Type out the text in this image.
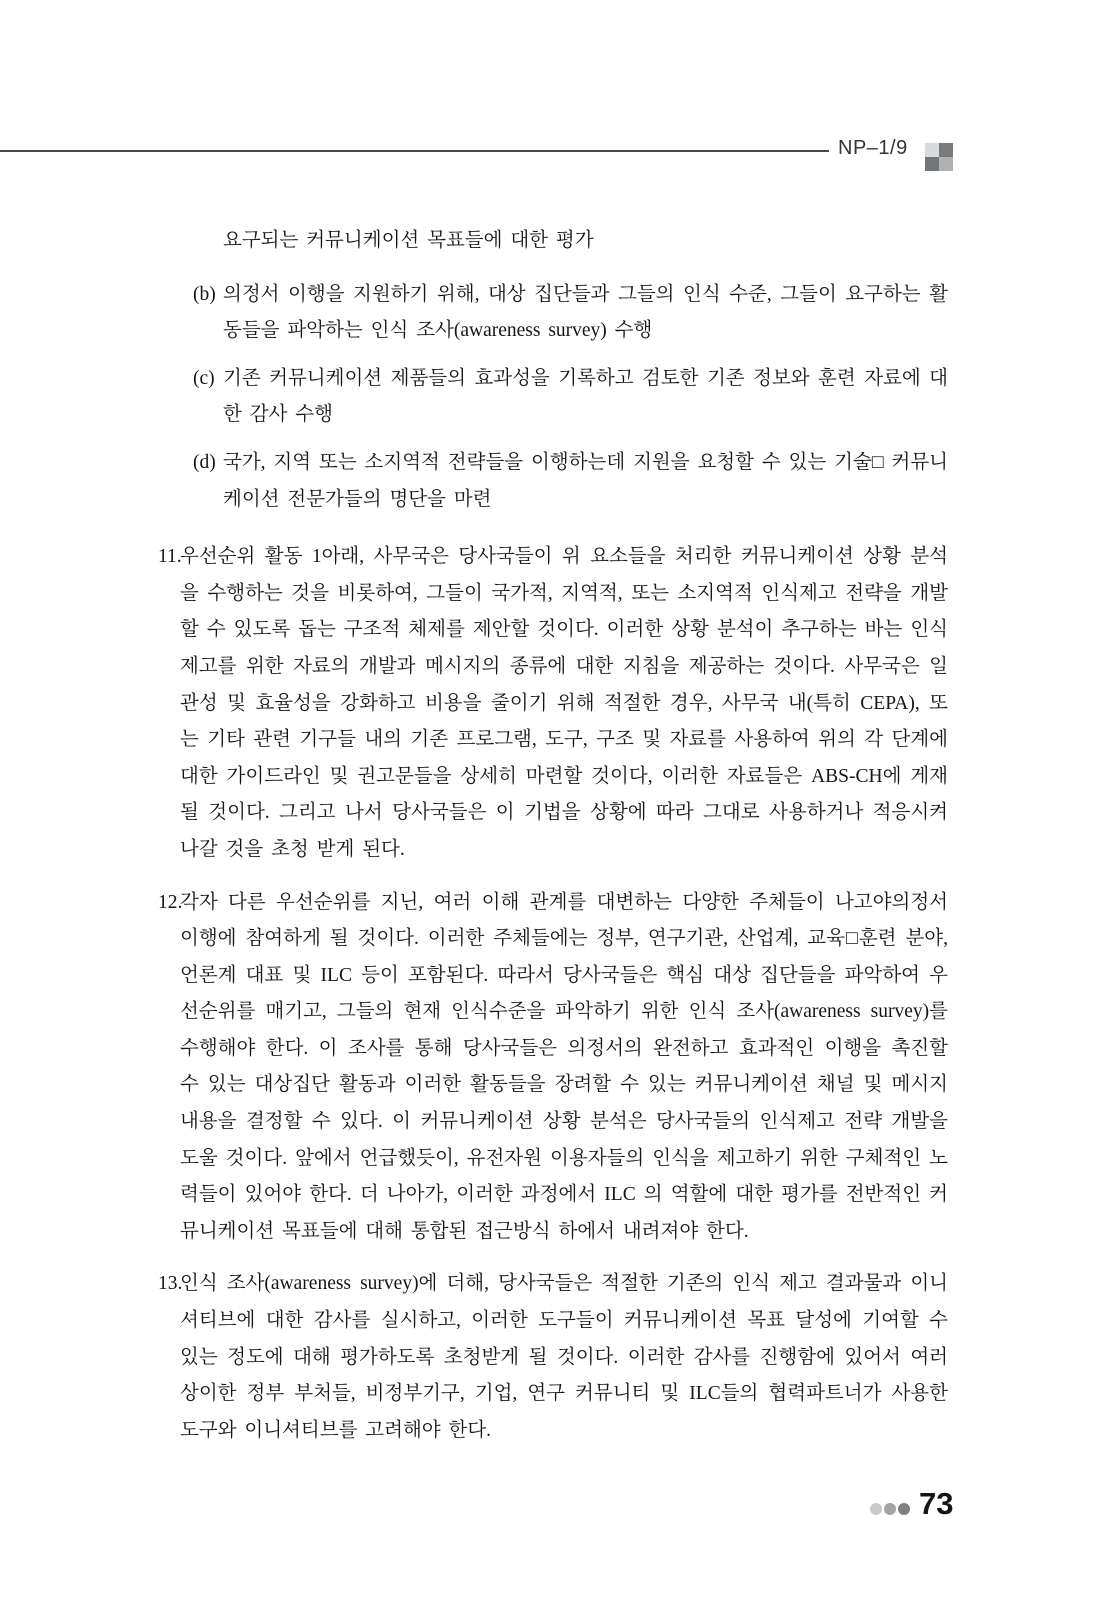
NP–1/9
요구되는 커뮤니케이션 목표들에 대한 평가
(b) 의정서 이행을 지원하기 위해, 대상 집단들과 그들의 인식 수준, 그들이 요구하는 활동들을 파악하는 인식 조사(awareness survey) 수행
(c) 기존 커뮤니케이션 제품들의 효과성을 기록하고 검토한 기존 정보와 훈련 자료에 대한 감사 수행
(d) 국가, 지역 또는 소지역적 전략들을 이행하는데 지원을 요청할 수 있는 기술□ 커뮤니케이션 전문가들의 명단을 마련
11.
우선순위 활동 1아래, 사무국은 당사국들이 위 요소들을 처리한 커뮤니케이션 상황 분석을 수행하는 것을 비롯하여, 그들이 국가적, 지역적, 또는 소지역적 인식제고 전략을 개발할 수 있도록 돕는 구조적 체제를 제안할 것이다. 이러한 상황 분석이 추구하는 바는 인식 제고를 위한 자료의 개발과 메시지의 종류에 대한 지침을 제공하는 것이다. 사무국은 일관성 및 효율성을 강화하고 비용을 줄이기 위해 적절한 경우, 사무국 내(특히 CEPA), 또는 기타 관련 기구들 내의 기존 프로그램, 도구, 구조 및 자료를 사용하여 위의 각 단계에 대한 가이드라인 및 권고문들을 상세히 마련할 것이다, 이러한 자료들은 ABS-CH에 게재될 것이다. 그리고 나서 당사국들은 이 기법을 상황에 따라 그대로 사용하거나 적응시켜나갈 것을 초청 받게 된다.
12.
각자 다른 우선순위를 지닌, 여러 이해 관계를 대변하는 다양한 주체들이 나고야의정서 이행에 참여하게 될 것이다. 이러한 주체들에는 정부, 연구기관, 산업계, 교육□훈련 분야, 언론계 대표 및 ILC 등이 포함된다. 따라서 당사국들은 핵심 대상 집단들을 파악하여 우선순위를 매기고, 그들의 현재 인식수준을 파악하기 위한 인식 조사(awareness survey)를 수행해야 한다. 이 조사를 통해 당사국들은 의정서의 완전하고 효과적인 이행을 촉진할 수 있는 대상집단 활동과 이러한 활동들을 장려할 수 있는 커뮤니케이션 채널 및 메시지 내용을 결정할 수 있다. 이 커뮤니케이션 상황 분석은 당사국들의 인식제고 전략 개발을 도울 것이다. 앞에서 언급했듯이, 유전자원 이용자들의 인식을 제고하기 위한 구체적인 노력들이 있어야 한다. 더 나아가, 이러한 과정에서 ILC 의 역할에 대한 평가를 전반적인 커뮤니케이션 목표들에 대해 통합된 접근방식 하에서 내려져야 한다.
13.
인식 조사(awareness survey)에 더해, 당사국들은 적절한 기존의 인식 제고 결과물과 이니셔티브에 대한 감사를 실시하고, 이러한 도구들이 커뮤니케이션 목표 달성에 기여할 수 있는 정도에 대해 평가하도록 초청받게 될 것이다. 이러한 감사를 진행함에 있어서 여러 상이한 정부 부처들, 비정부기구, 기업, 연구 커뮤니티 및 ILC들의 협력파트너가 사용한 도구와 이니셔티브를 고려해야 한다.
73
